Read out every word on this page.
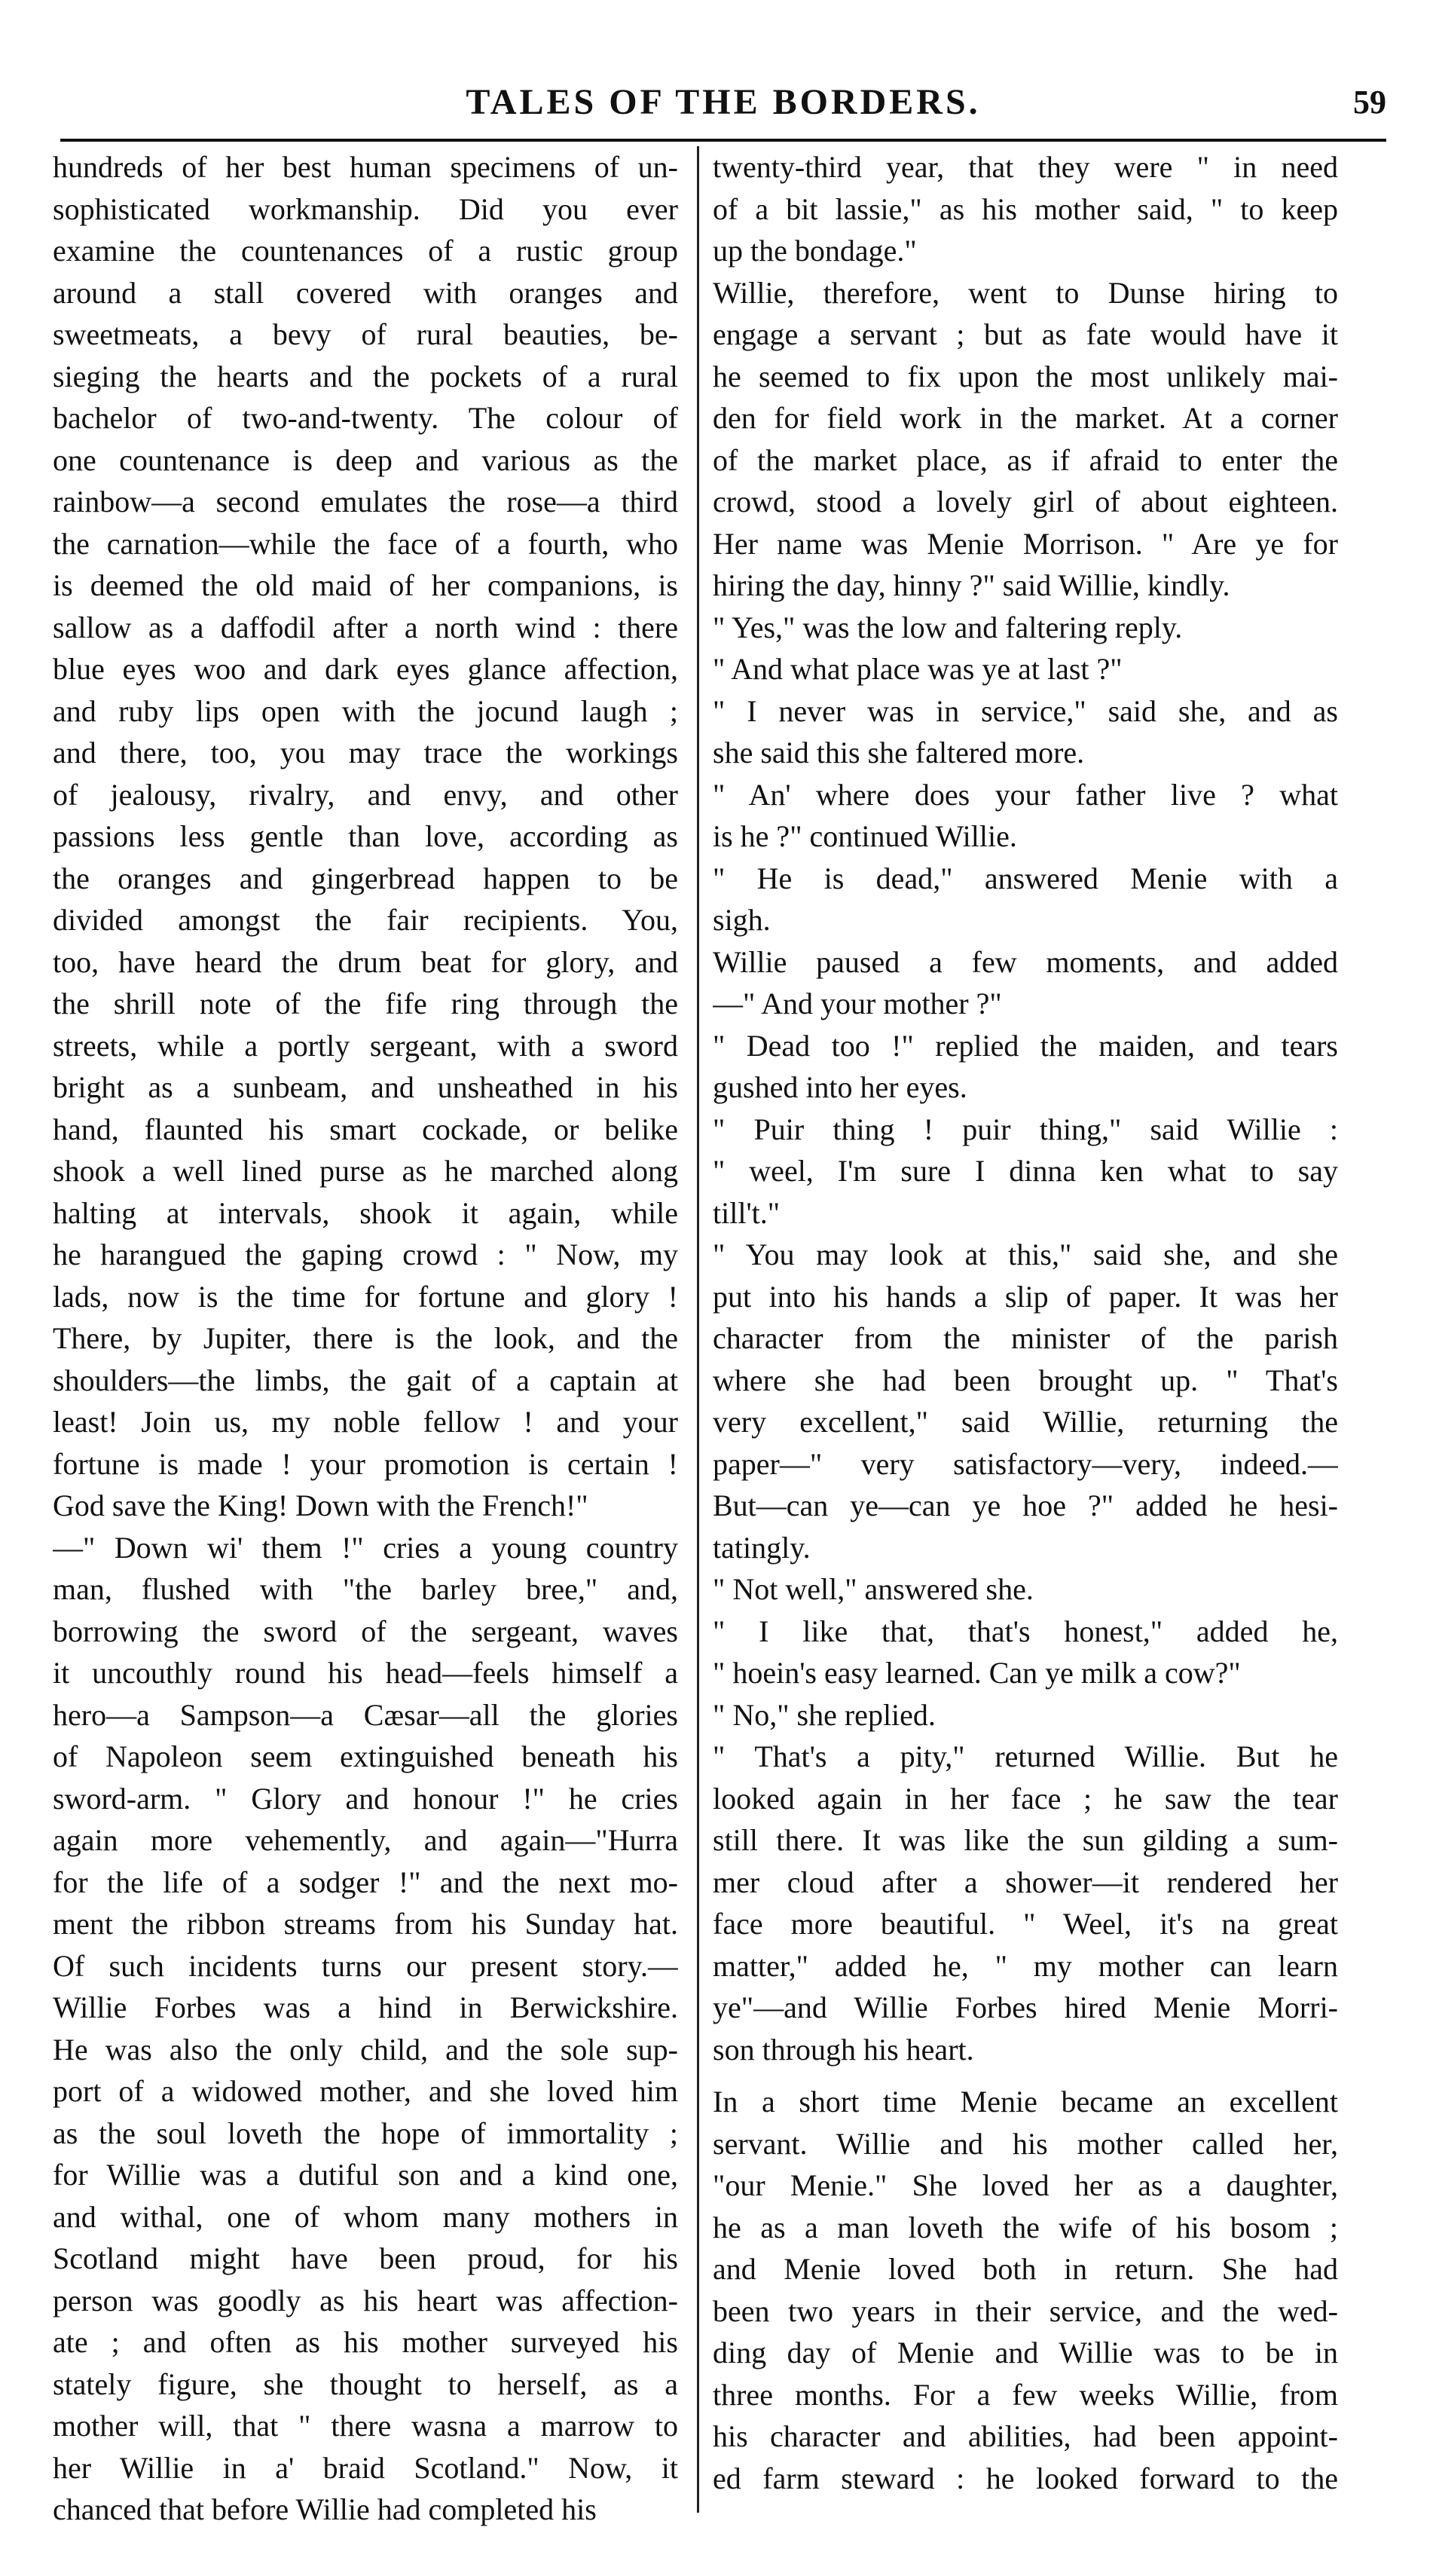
TALES OF THE BORDERS.	59
hundreds of her best human specimens of un-
sophisticated workmanship. Did you ever
examine the countenances of a rustic group
around a stall covered with oranges and
sweetmeats, a bevy of rural beauties, be-
sieging the hearts and the pockets of a rural
bachelor of two-and-twenty. The colour of
one countenance is deep and various as the
rainbow—a second emulates the rose—a third
the carnation—while the face of a fourth, who
is deemed the old maid of her companions, is
sallow as a daffodil after a north wind : there
blue eyes woo and dark eyes glance affection,
and ruby lips open with the jocund laugh ;
and there, too, you may trace the workings
of jealousy, rivalry, and envy, and other
passions less gentle than love, according as
the oranges and gingerbread happen to be
divided amongst the fair recipients. You,
too, have heard the drum beat for glory, and
the shrill note of the fife ring through the
streets, while a portly sergeant, with a sword
bright as a sunbeam, and unsheathed in his
hand, flaunted his smart cockade, or belike
shook a well lined purse as he marched along
halting at intervals, shook it again, while
he harangued the gaping crowd : " Now, my
lads, now is the time for fortune and glory !
There, by Jupiter, there is the look, and the
shoulders—the limbs, the gait of a captain at
least! Join us, my noble fellow ! and your
fortune is made ! your promotion is certain !
God save the King! Down with the French!"
—" Down wi' them !" cries a young country
man, flushed with "the barley bree," and,
borrowing the sword of the sergeant, waves
it uncouthly round his head—feels himself a
hero—a Sampson—a Cæsar—all the glories
of Napoleon seem extinguished beneath his
sword-arm. " Glory and honour !" he cries
again more vehemently, and again—"Hurra
for the life of a sodger !" and the next mo-
ment the ribbon streams from his Sunday hat.
Of such incidents turns our present story.—
Willie Forbes was a hind in Berwickshire.
He was also the only child, and the sole sup-
port of a widowed mother, and she loved him
as the soul loveth the hope of immortality ;
for Willie was a dutiful son and a kind one,
and withal, one of whom many mothers in
Scotland might have been proud, for his
person was goodly as his heart was affection-
ate ; and often as his mother surveyed his
stately figure, she thought to herself, as a
mother will, that " there wasna a marrow to
her Willie in a' braid Scotland." Now, it
chanced that before Willie had completed his
twenty-third year, that they were " in need
of a bit lassie," as his mother said, " to keep
up the bondage."
Willie, therefore, went to Dunse hiring to
engage a servant ; but as fate would have it
he seemed to fix upon the most unlikely mai-
den for field work in the market. At a corner
of the market place, as if afraid to enter the
crowd, stood a lovely girl of about eighteen.
Her name was Menie Morrison. " Are ye for
hiring the day, hinny ?" said Willie, kindly.
" Yes," was the low and faltering reply.
" And what place was ye at last ?"
" I never was in service," said she, and as
she said this she faltered more.
" An' where does your father live ? what
is he ?" continued Willie.
" He is dead," answered Menie with a
sigh.
Willie paused a few moments, and added
—" And your mother ?"
" Dead too !" replied the maiden, and tears
gushed into her eyes.
" Puir thing ! puir thing," said Willie :
" weel, I'm sure I dinna ken what to say
till't."
" You may look at this," said she, and she
put into his hands a slip of paper. It was her
character from the minister of the parish
where she had been brought up. " That's
very excellent," said Willie, returning the
paper—" very satisfactory—very, indeed.—
But—can ye—can ye hoe ?" added he hesi-
tatingly.
" Not well," answered she.
" I like that, that's honest," added he,
" hoein's easy learned. Can ye milk a cow?"
" No," she replied.
" That's a pity," returned Willie. But he
looked again in her face ; he saw the tear
still there. It was like the sun gilding a sum-
mer cloud after a shower—it rendered her
face more beautiful. " Weel, it's na great
matter," added he, " my mother can learn
ye"—and Willie Forbes hired Menie Morri-
son through his heart.
In a short time Menie became an excellent
servant. Willie and his mother called her,
"our Menie." She loved her as a daughter,
he as a man loveth the wife of his bosom ;
and Menie loved both in return. She had
been two years in their service, and the wed-
ding day of Menie and Willie was to be in
three months. For a few weeks Willie, from
his character and abilities, had been appoint-
ed farm steward : he looked forward to the
